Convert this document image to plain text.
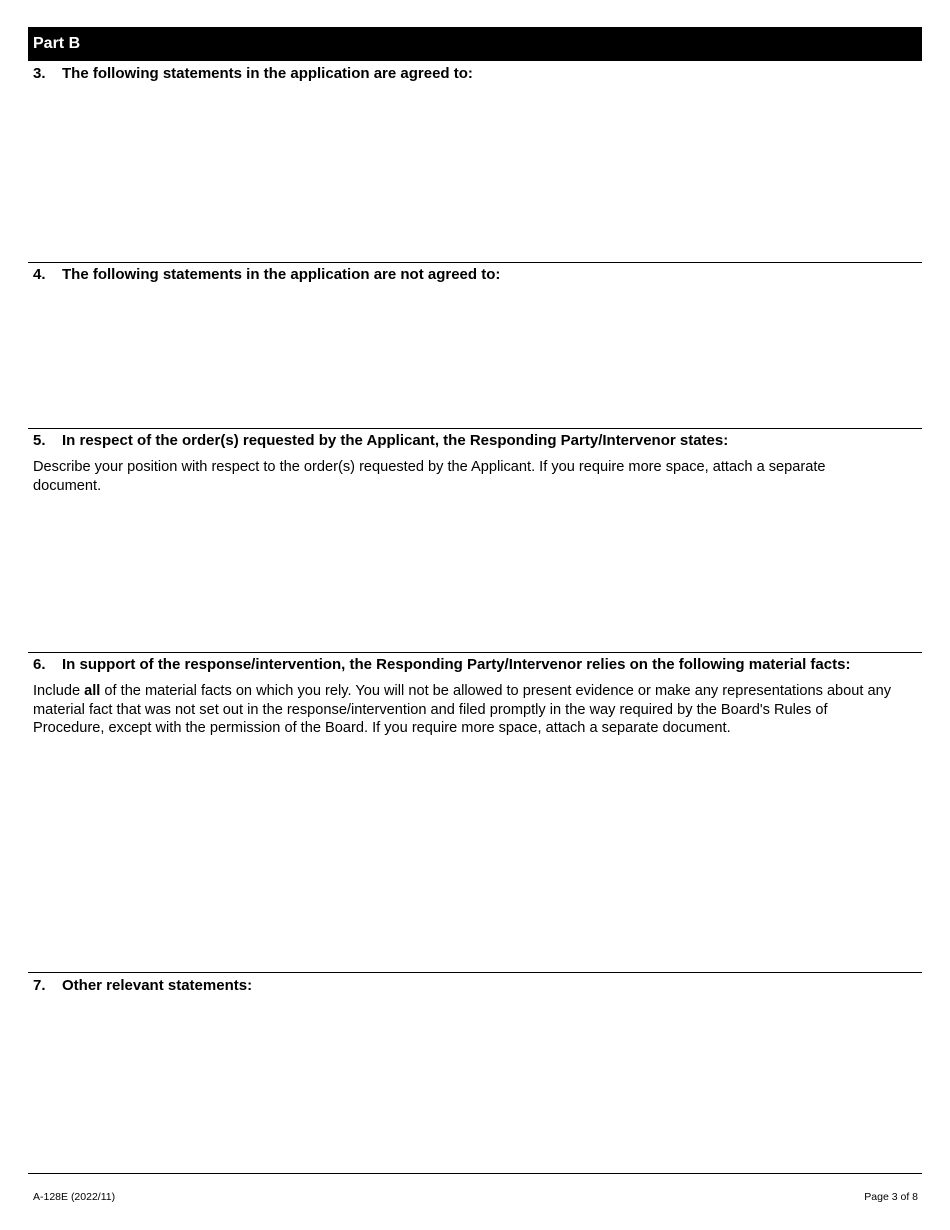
Part B
3. The following statements in the application are agreed to:
4. The following statements in the application are not agreed to:
5. In respect of the order(s) requested by the Applicant, the Responding Party/Intervenor states:
Describe your position with respect to the order(s) requested by the Applicant. If you require more space, attach a separate document.
6. In support of the response/intervention, the Responding Party/Intervenor relies on the following material facts:
Include all of the material facts on which you rely. You will not be allowed to present evidence or make any representations about any material fact that was not set out in the response/intervention and filed promptly in the way required by the Board's Rules of Procedure, except with the permission of the Board. If you require more space, attach a separate document.
7. Other relevant statements:
A-128E (2022/11)	Page 3 of 8
